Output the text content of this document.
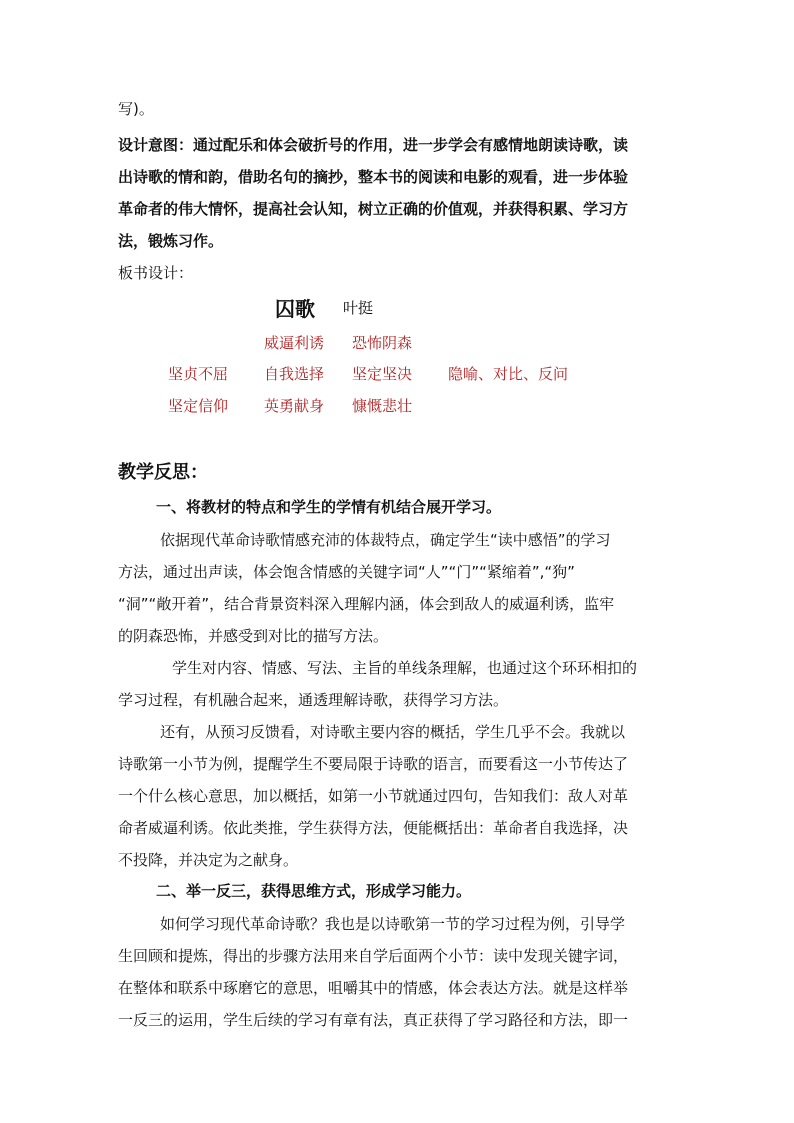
写)。
设计意图：通过配乐和体会破折号的作用，进一步学会有感情地朗读诗歌，读
出诗歌的情和韵，借助名句的摘抄，整本书的阅读和电影的观看，进一步体验
革命者的伟大情怀，提高社会认知，树立正确的价值观，并获得积累、学习方
法，锻炼习作。
板书设计：
囚歌 叶挺
威逼利诱 恐怖阴森
坚贞不屈 自我选择 坚定坚决 隐喻、对比、反问
坚定信仰 英勇献身 慷慨悲壮
教学反思：
一、将教材的特点和学生的学情有机结合展开学习。
依据现代革命诗歌情感充沛的体裁特点，确定学生“读中感悟”的学习
方法，通过出声读，体会饱含情感的关键字词“人”“门”“紧缩着”,“狗”
“洞”“敞开着”，结合背景资料深入理解内涵，体会到敌人的威逼利诱，监牢
的阴森恐怖，并感受到对比的描写方法。
学生对内容、情感、写法、主旨的单线条理解，也通过这个环环相扣的
学习过程，有机融合起来，通透理解诗歌，获得学习方法。
还有，从预习反馈看，对诗歌主要内容的概括，学生几乎不会。我就以
诗歌第一小节为例，提醒学生不要局限于诗歌的语言，而要看这一小节传达了
一个什么核心意思，加以概括，如第一小节就通过四句，告知我们：敌人对革
命者威逼利诱。依此类推，学生获得方法，便能概括出：革命者自我选择，决
不投降，并决定为之献身。
二、举一反三，获得思维方式，形成学习能力。
如何学习现代革命诗歌？我也是以诗歌第一节的学习过程为例，引导学
生回顾和提炼，得出的步骤方法用来自学后面两个小节：读中发现关键字词，
在整体和联系中琢磨它的意思，咀嚼其中的情感，体会表达方法。就是这样举
一反三的运用，学生后续的学习有章有法，真正获得了学习路径和方法，即一
